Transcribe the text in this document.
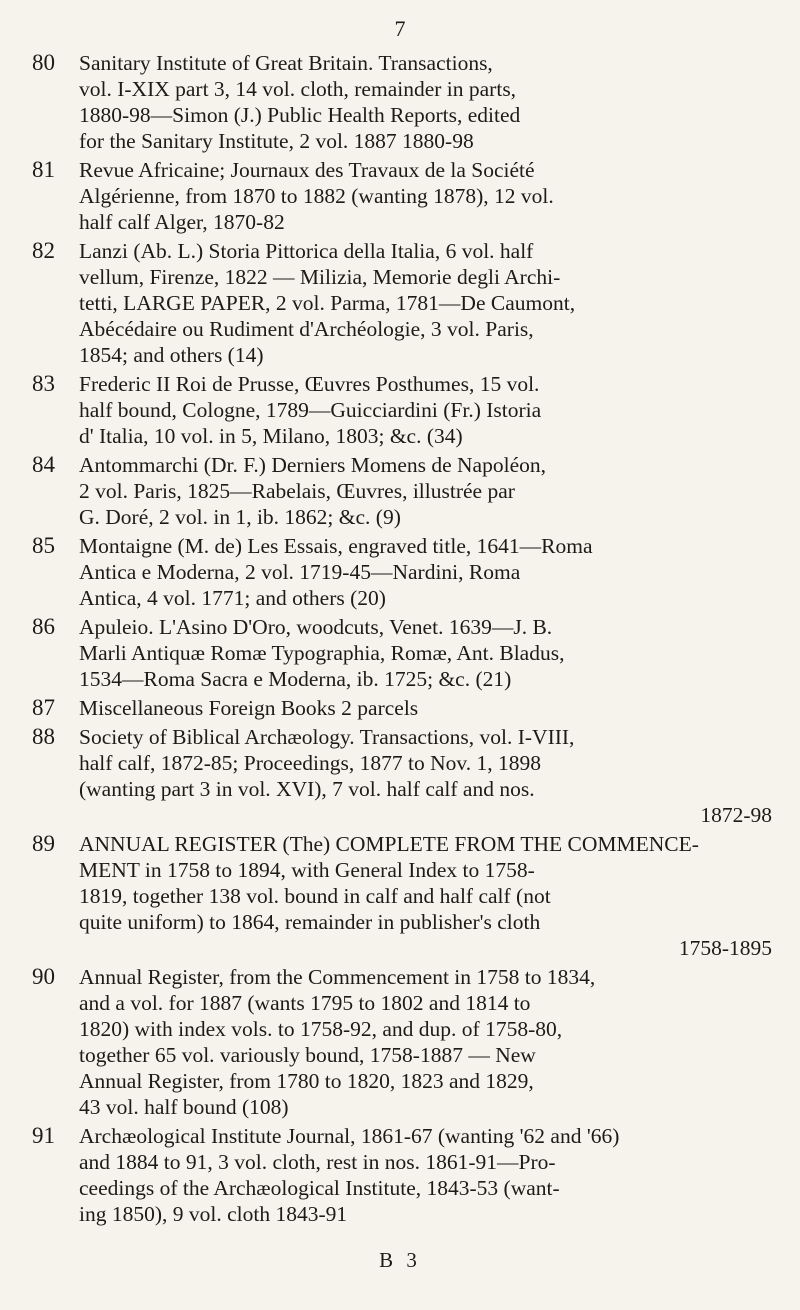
7
80 Sanitary Institute of Great Britain. Transactions,

vol. I-XIX part 3, 14 vol. cloth, remainder in parts,

1880-98—Simon (J.) Public Health Reports, edited

for the Sanitary Institute, 2 vol. 1887 1880-98

81 Revue Africaine; Journaux des Travaux de la Société

Algérienne, from 1870 to 1882 (wanting 1878), 12 vol.

half calf Alger, 1870-82

82 Lanzi (Ab. L.) Storia Pittorica della Italia, 6 vol. half

vellum, Firenze, 1822 — Milizia, Memorie degli Archi-

tetti, LARGE PAPER, 2 vol. Parma, 1781—De Caumont,

Abécédaire ou Rudiment d'Archéologie, 3 vol. Paris,

1854; and others (14)

83 Frederic II Roi de Prusse, Œuvres Posthumes, 15 vol.

half bound, Cologne, 1789—Guicciardini (Fr.) Istoria

d' Italia, 10 vol. in 5, Milano, 1803; &c. (34)

84 Antommarchi (Dr. F.) Derniers Momens de Napoléon,

2 vol. Paris, 1825—Rabelais, Œuvres, illustrée par

G. Doré, 2 vol. in 1, ib. 1862; &c. (9)

85 Montaigne (M. de) Les Essais, engraved title, 1641—Roma

Antica e Moderna, 2 vol. 1719-45—Nardini, Roma

Antica, 4 vol. 1771; and others (20)

86 Apuleio. L'Asino D'Oro, woodcuts, Venet. 1639—J. B.

Marli Antiquæ Romæ Typographia, Romæ, Ant. Bladus,

1534—Roma Sacra e Moderna, ib. 1725; &c. (21)

87 Miscellaneous Foreign Books 2 parcels

88 Society of Biblical Archæology. Transactions, vol. I-VIII,

half calf, 1872-85; Proceedings, 1877 to Nov. 1, 1898

(wanting part 3 in vol. XVI), 7 vol. half calf and nos.

1872-98

89 ANNUAL REGISTER (The) COMPLETE FROM THE COMMENCE-

MENT in 1758 to 1894, with General Index to 1758-

1819, together 138 vol. bound in calf and half calf (not

quite uniform) to 1864, remainder in publisher's cloth

1758-1895

90 Annual Register, from the Commencement in 1758 to 1834,

and a vol. for 1887 (wants 1795 to 1802 and 1814 to

1820) with index vols. to 1758-92, and dup. of 1758-80,

together 65 vol. variously bound, 1758-1887 — New

Annual Register, from 1780 to 1820, 1823 and 1829,

43 vol. half bound (108)

91 Archæological Institute Journal, 1861-67 (wanting '62 and '66)

and 1884 to 91, 3 vol. cloth, rest in nos. 1861-91—Pro-

ceedings of the Archæological Institute, 1843-53 (want-

ing 1850), 9 vol. cloth 1843-91

B 3
